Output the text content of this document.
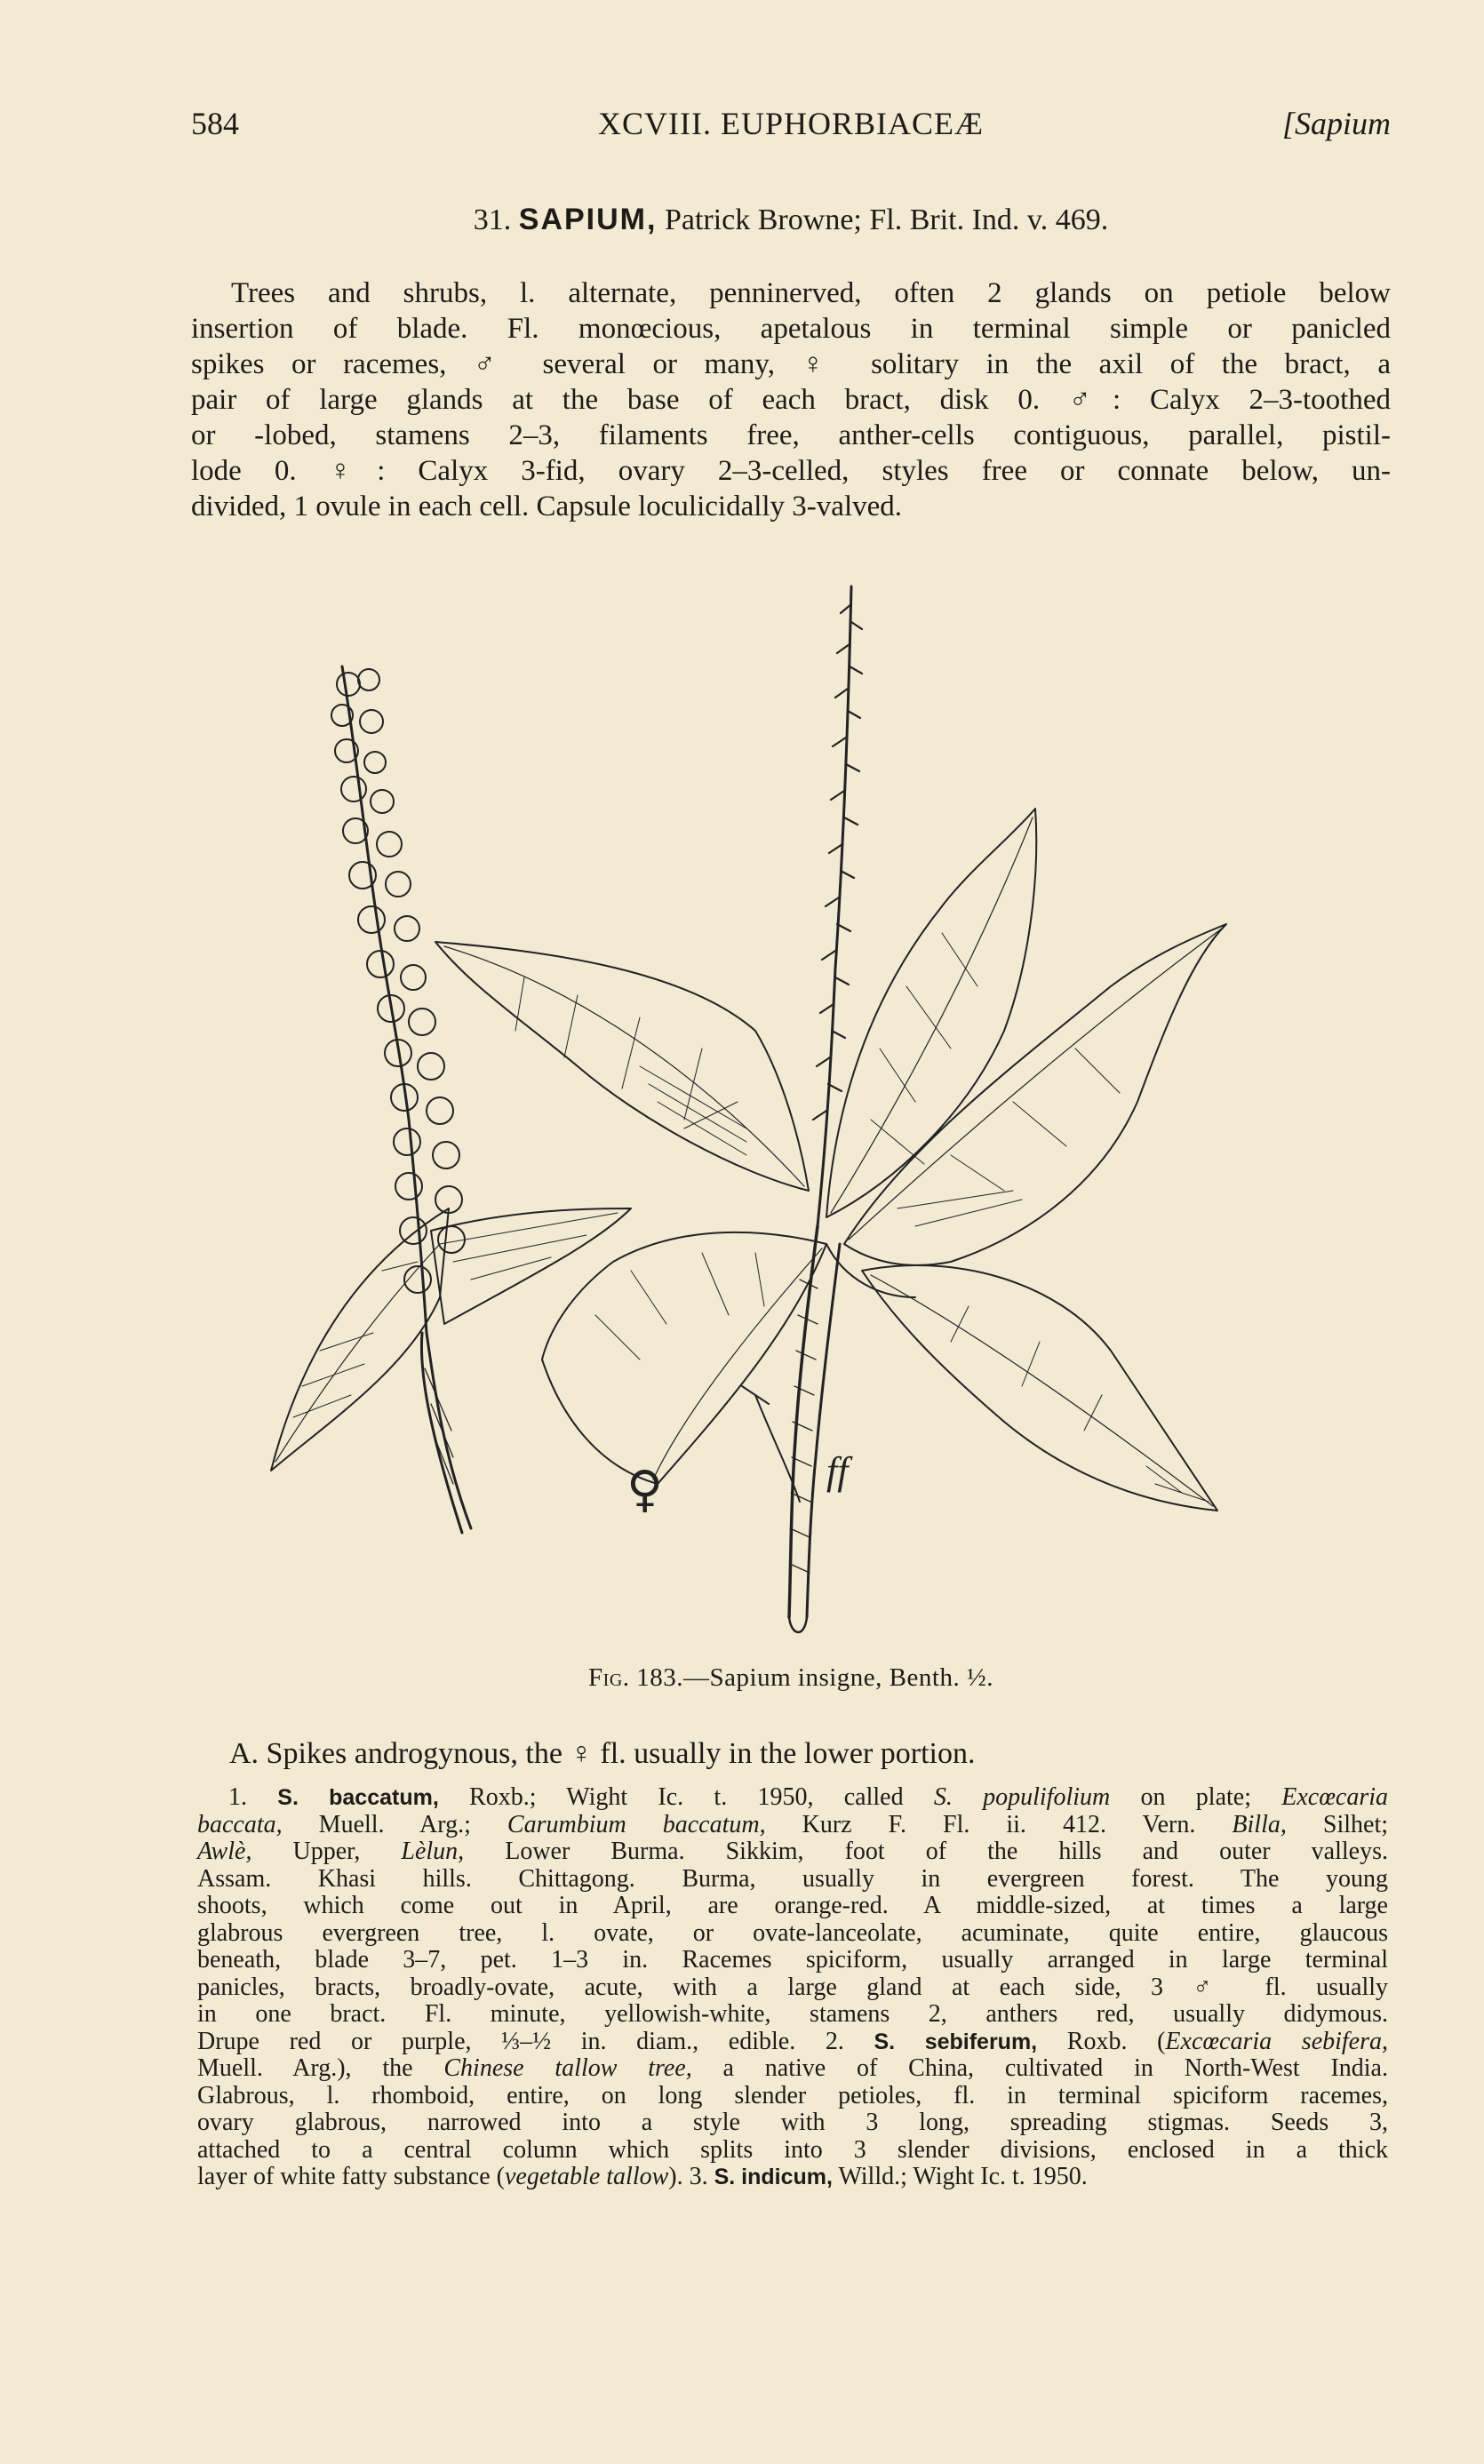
584	XCVIII. EUPHORBIACEÆ	[Sapium
31. SAPIUM, Patrick Browne; Fl. Brit. Ind. v. 469.
Trees and shrubs, l. alternate, penninerved, often 2 glands on petiole below
insertion of blade. Fl. monœcious, apetalous in terminal simple or panicled
spikes or racemes, ♂ several or many, ♀ solitary in the axil of the bract, a
pair of large glands at the base of each bract, disk 0. ♂: Calyx 2–3-toothed
or -lobed, stamens 2–3, filaments free, anther-cells contiguous, parallel, pistil-
lode 0. ♀: Calyx 3-fid, ovary 2–3-celled, styles free or connate below, un-
divided, 1 ovule in each cell. Capsule loculicidally 3-valved.
♀	ff
Fig. 183.—Sapium insigne, Benth. ½.
A. Spikes androgynous, the ♀ fl. usually in the lower portion.
1. S. baccatum, Roxb.; Wight Ic. t. 1950, called S. populifolium on plate; Excœcaria
baccata, Muell. Arg.; Carumbium baccatum, Kurz F. Fl. ii. 412. Vern. Billa, Silhet;
Awlè, Upper, Lèlun, Lower Burma. Sikkim, foot of the hills and outer valleys.
Assam. Khasi hills. Chittagong. Burma, usually in evergreen forest. The young
shoots, which come out in April, are orange-red. A middle-sized, at times a large
glabrous evergreen tree, l. ovate, or ovate-lanceolate, acuminate, quite entire, glaucous
beneath, blade 3–7, pet. 1–3 in. Racemes spiciform, usually arranged in large terminal
panicles, bracts, broadly-ovate, acute, with a large gland at each side, 3 ♂ fl. usually
in one bract. Fl. minute, yellowish-white, stamens 2, anthers red, usually didymous.
Drupe red or purple, ⅓–½ in. diam., edible. 2. S. sebiferum, Roxb. (Excœcaria sebifera,
Muell. Arg.), the Chinese tallow tree, a native of China, cultivated in North-West India.
Glabrous, l. rhomboid, entire, on long slender petioles, fl. in terminal spiciform racemes,
ovary glabrous, narrowed into a style with 3 long, spreading stigmas. Seeds 3,
attached to a central column which splits into 3 slender divisions, enclosed in a thick
layer of white fatty substance (vegetable tallow). 3. S. indicum, Willd.; Wight Ic. t. 1950.
